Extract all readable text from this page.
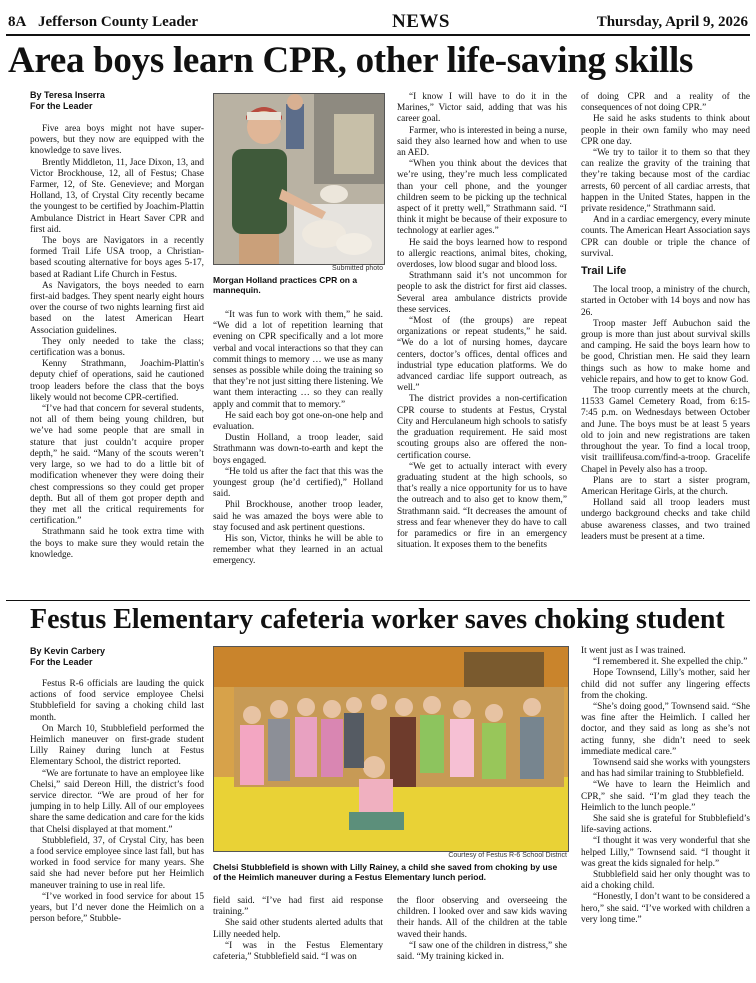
8A Jefferson County Leader	NEWS	Thursday, April 9, 2026
Area boys learn CPR, other life-saving skills
By Teresa Inserra
For the Leader

Five area boys might not have super-powers, but they now are equipped with the knowledge to save lives.

Brently Middleton, 11, Jace Dixon, 13, and Victor Brockhouse, 12, all of Festus; Chase Farmer, 12, of Ste. Genevieve; and Morgan Holland, 13, of Crystal City recently became the youngest to be certified by Joachim-Plattin Ambulance District in Heart Saver CPR and first aid.

The boys are Navigators in a recently formed Trail Life USA troop, a Christian-based scouting alternative for boys ages 5-17, based at Radiant Life Church in Festus.

As Navigators, the boys needed to earn first-aid badges. They spent nearly eight hours over the course of two nights learning first aid based on the latest American Heart Association guidelines.

They only needed to take the class; certification was a bonus.

Kenny Strathmann, Joachim-Plattin's deputy chief of operations, said he cautioned troop leaders before the class that the boys likely would not become CPR-certified.

“I’ve had that concern for several students, not all of them being young children, but we’ve had some people that are small in stature that just couldn’t acquire proper depth,” he said. “Many of the scouts weren’t very large, so we had to do a little bit of modification whenever they were doing their chest compressions so they could get proper depth. But all of them got proper depth and they met all the critical requirements for certification.”

Strathmann said he took extra time with the boys to make sure they would retain the knowledge.

Submitted photo
Morgan Holland practices CPR on a mannequin.

“It was fun to work with them,” he said. “We did a lot of repetition learning that evening on CPR specifically and a lot more verbal and vocal interactions so that they can commit things to memory … we use as many senses as possible while doing the training so that they’re not just sitting there listening. We want them interacting … so they can really apply and commit that to memory.”

He said each boy got one-on-one help and evaluation.

Dustin Holland, a troop leader, said Strathmann was down-to-earth and kept the boys engaged.

“He told us after the fact that this was the youngest group (he’d certified),” Holland said.

Phil Brockhouse, another troop leader, said he was amazed the boys were able to stay focused and ask pertinent questions.

His son, Victor, thinks he will be able to remember what they learned in an actual emergency.

“I know I will have to do it in the Marines,” Victor said, adding that was his career goal.

Farmer, who is interested in being a nurse, said they also learned how and when to use an AED.

“When you think about the devices that we’re using, they’re much less complicated than your cell phone, and the younger children seem to be picking up the technical aspect of it pretty well,” Strathmann said. “I think it might be because of their exposure to technology at earlier ages.”

He said the boys learned how to respond to allergic reactions, animal bites, choking, overdoses, low blood sugar and blood loss.

Strathmann said it’s not uncommon for people to ask the district for first aid classes. Several area ambulance districts provide these services.

“Most of (the groups) are repeat organizations or repeat students,” he said. “We do a lot of nursing homes, daycare centers, doctor’s offices, dental offices and industrial type education platforms. We do advanced cardiac life support outreach, as well.”

The district provides a non-certification CPR course to students at Festus, Crystal City and Herculaneum high schools to satisfy the graduation requirement. He said most scouting groups also are offered the non-certification course.

“We get to actually interact with every graduating student at the high schools, so that’s really a nice opportunity for us to have the outreach and to also get to know them,” Strathmann said. “It decreases the amount of stress and fear whenever they do have to call for paramedics or fire in an emergency situation. It exposes them to the benefits

of doing CPR and a reality of the consequences of not doing CPR.”

He said he asks students to think about people in their own family who may need CPR one day.

“We try to tailor it to them so that they can realize the gravity of the training that they’re taking because most of the cardiac arrests, 60 percent of all cardiac arrests, that happen in the United States, happen in the private residence,” Strathmann said.

And in a cardiac emergency, every minute counts. The American Heart Association says CPR can double or triple the chance of survival.

Trail Life

The local troop, a ministry of the church, started in October with 14 boys and now has 26.

Troop master Jeff Aubuchon said the group is more than just about survival skills and camping. He said the boys learn how to be good, Christian men. He said they learn things such as how to make home and vehicle repairs, and how to get to know God.

The troop currently meets at the church, 11533 Gamel Cemetery Road, from 6:15-7:45 p.m. on Wednesdays between October and June. The boys must be at least 5 years old to join and new registrations are taken throughout the year. To find a local troop, visit traillifeusa.com/find-a-troop. Gracelife Chapel in Pevely also has a troop.

Plans are to start a sister program, American Heritage Girls, at the church.

Holland said all troop leaders must undergo background checks and take child abuse awareness classes, and two trained leaders must be present at a time.

Festus Elementary cafeteria worker saves choking student
By Kevin Carbery
For the Leader

Festus R-6 officials are lauding the quick actions of food service employee Chelsi Stubblefield for saving a choking child last month.

On March 10, Stubblefield performed the Heimlich maneuver on first-grade student Lilly Rainey during lunch at Festus Elementary School, the district reported.

“We are fortunate to have an employee like Chelsi,” said Dereon Hill, the district’s food service director. “We are proud of her for jumping in to help Lilly. All of our employees share the same dedication and care for the kids that Chelsi displayed at that moment.”

Stubblefield, 37, of Crystal City, has been a food service employee since last fall, but has worked in food service for many years. She said she had never before put her Heimlich maneuver training to use in real life.

“I’ve worked in food service for about 15 years, but I’d never done the Heimlich on a person before,” Stubble-

Courtesy of Festus R-6 School District
Chelsi Stubblefield is shown with Lilly Rainey, a child she saved from choking by use of the Heimlich maneuver during a Festus Elementary lunch period.

field said. “I’ve had first aid response training.”

She said other students alerted adults that Lilly needed help.

“I was in the Festus Elementary cafeteria,” Stubblefield said. “I was on

the floor observing and overseeing the children. I looked over and saw kids waving their hands. All of the children at the table waved their hands.

“I saw one of the children in distress,” she said. “My training kicked in.

It went just as I was trained.

“I remembered it. She expelled the chip.”

Hope Townsend, Lilly’s mother, said her child did not suffer any lingering effects from the choking.

“She’s doing good,” Townsend said. “She was fine after the Heimlich. I called her doctor, and they said as long as she’s not acting funny, she didn’t need to seek immediate medical care.”

Townsend said she works with youngsters and has had similar training to Stubblefield.

“We have to learn the Heimlich and CPR,” she said. “I’m glad they teach the Heimlich to the lunch people.”

She said she is grateful for Stubblefield’s life-saving actions.

“I thought it was very wonderful that she helped Lilly,” Townsend said. “I thought it was great the kids signaled for help.”

Stubblefield said her only thought was to aid a choking child.

“Honestly, I don’t want to be considered a hero,” she said. “I’ve worked with children a very long time.”
